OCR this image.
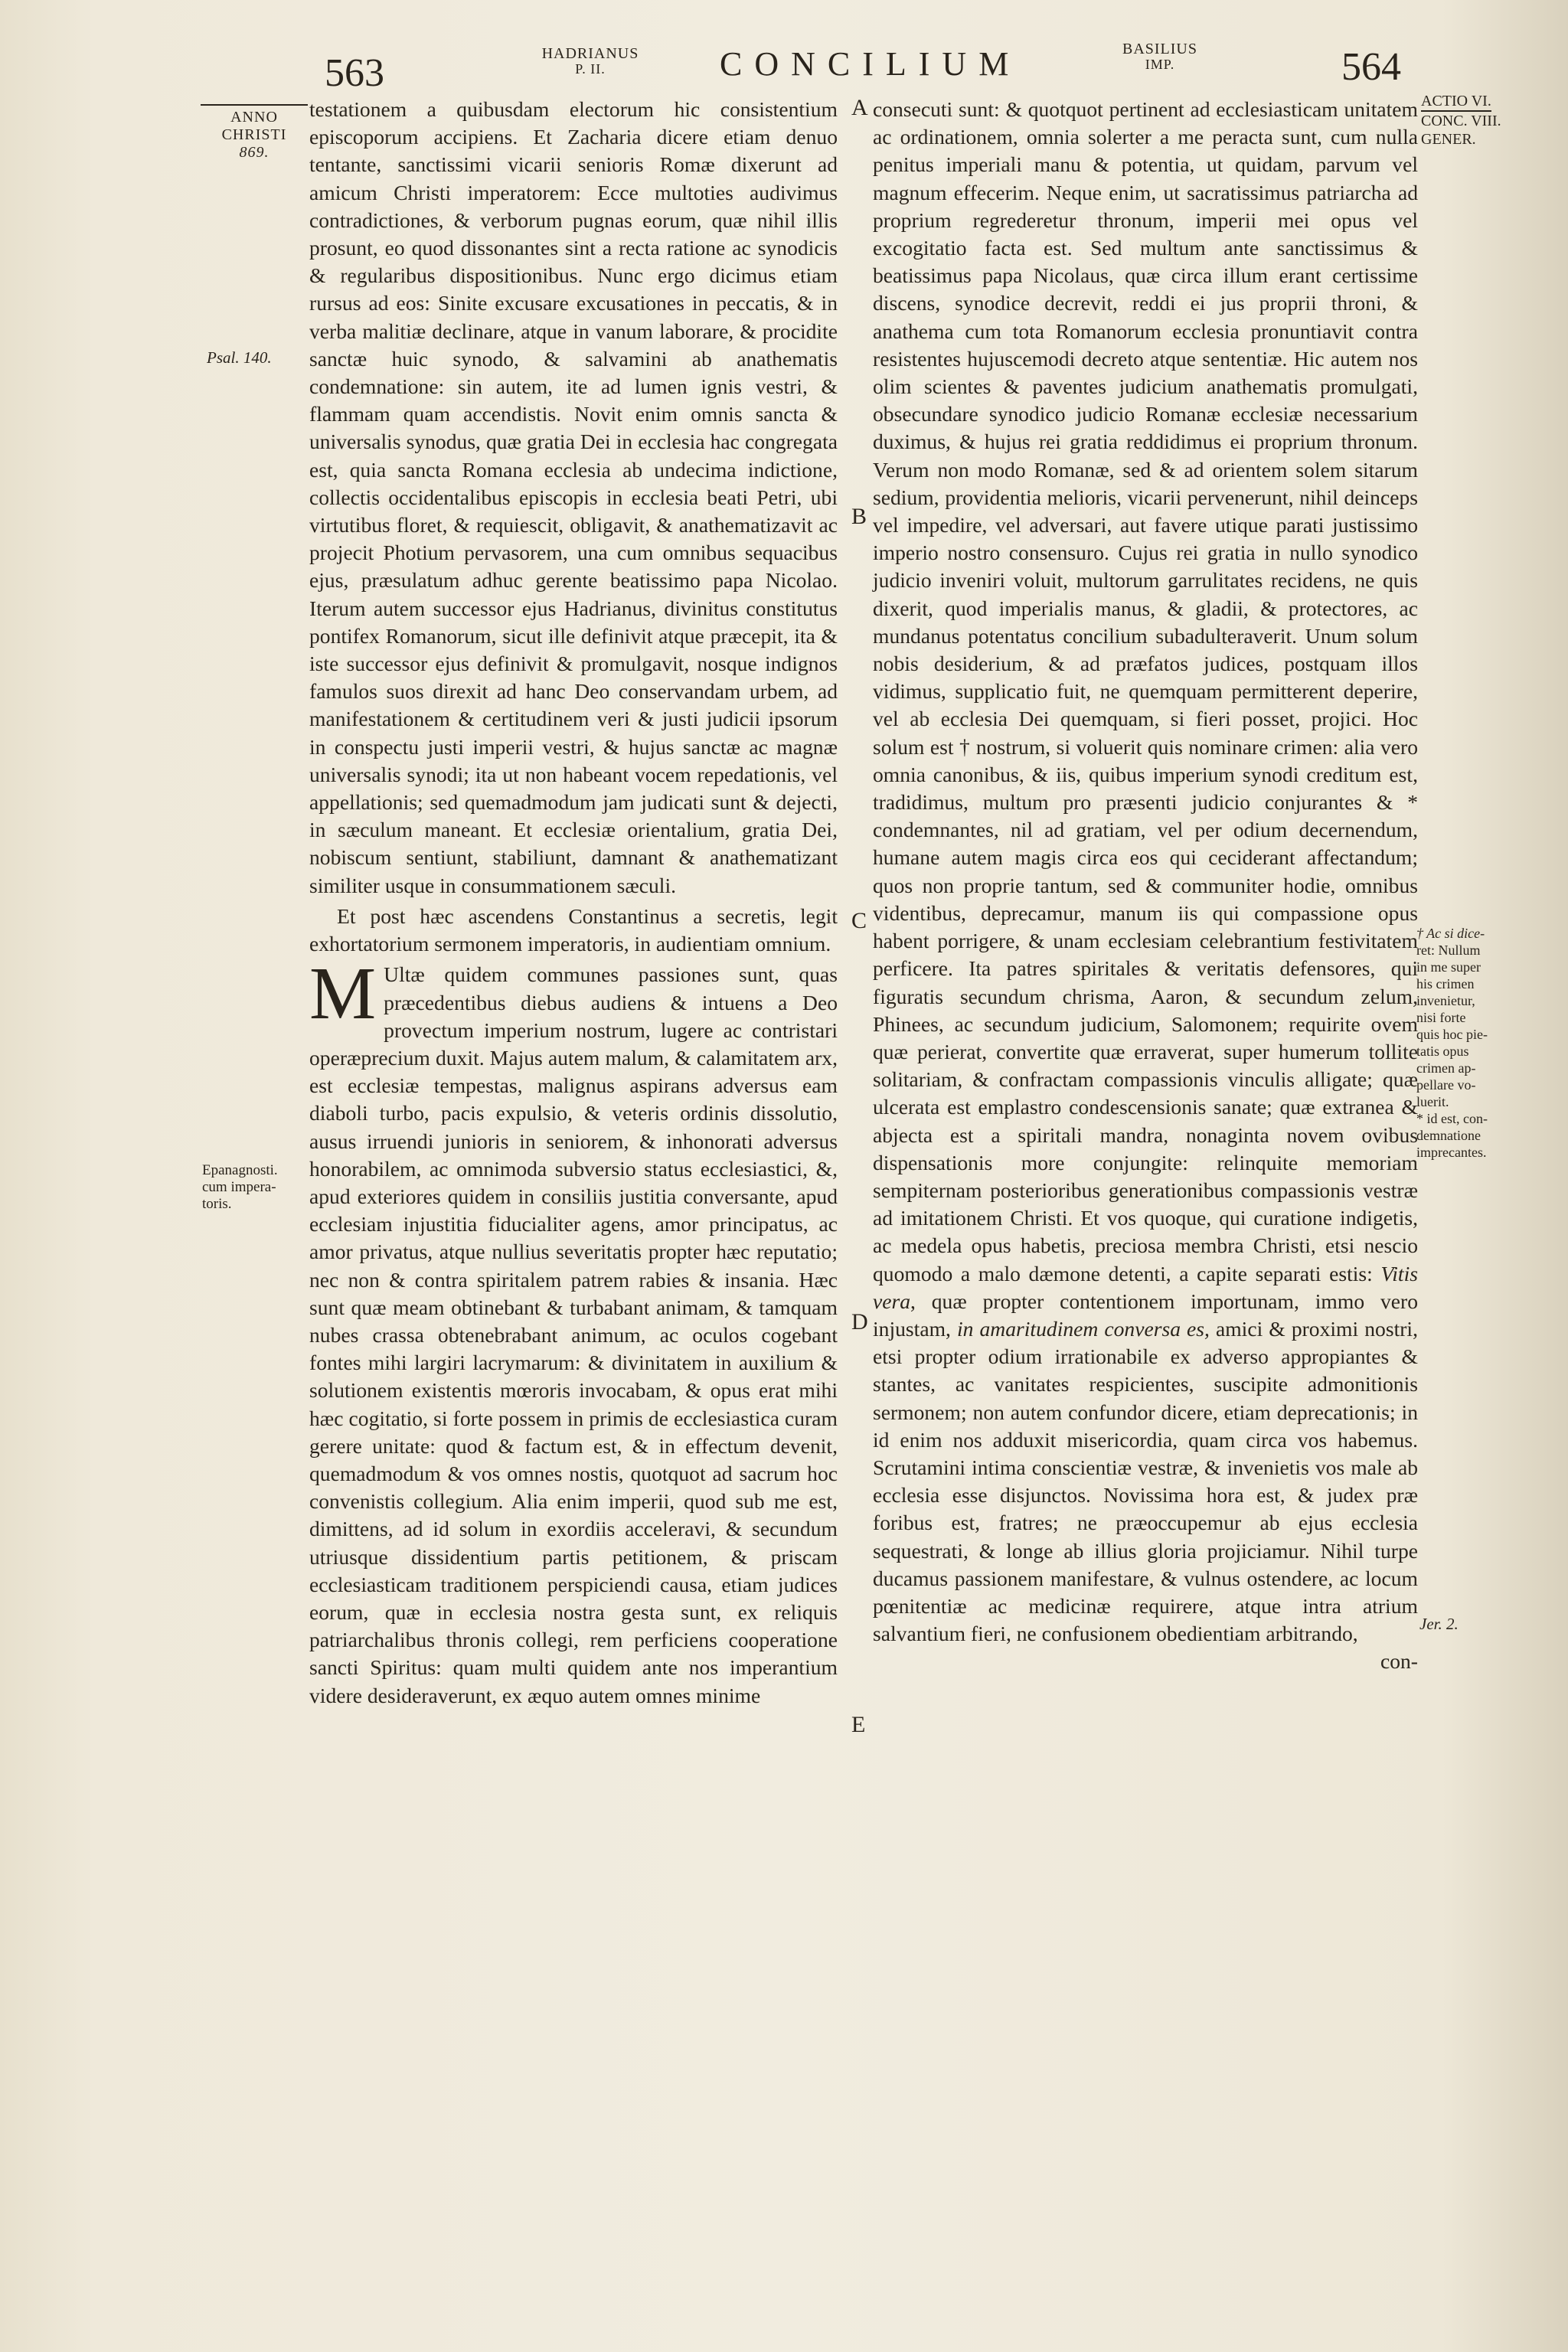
563	HADRIANUS
P. II.	CONCILIUM	BASILIUS
IMP.	564
ANNO
CHRISTI
869.
Psal. 140.
Epanagnosti.
cum impera-
toris.
ACTIO VI.
CONC. VIII.
GENER.
† Ac si dice-
ret: Nullum
in me super
his crimen
invenietur,
nisi forte
quis hoc pie-
tatis opus
crimen ap-
pellare vo-
luerit.
* id est, con-
demnatione
imprecantes.
Jer. 2.
A
B
C
D
E

testationem a quibusdam electorum hic consistentium episcoporum accipiens. Et Zacharia dicere etiam denuo tentante, sanctissimi vicarii senioris Romæ dixerunt ad amicum Christi imperatorem: Ecce multoties audivimus contradictiones, & verborum pugnas eorum, quæ nihil illis prosunt, eo quod dissonantes sint a recta ratione ac synodicis & regularibus dispositionibus. Nunc ergo dicimus etiam rursus ad eos: Sinite excusare excusationes in peccatis, & in verba malitiæ declinare, atque in vanum laborare, & procidite sanctæ huic synodo, & salvamini ab anathematis condemnatione: sin autem, ite ad lumen ignis vestri, & flammam quam accendistis. Novit enim omnis sancta & universalis synodus, quæ gratia Dei in ecclesia hac congregata est, quia sancta Romana ecclesia ab undecima indictione, collectis occidentalibus episcopis in ecclesia beati Petri, ubi virtutibus floret, & requiescit, obligavit, & anathematizavit ac projecit Photium pervasorem, una cum omnibus sequacibus ejus, præsulatum adhuc gerente beatissimo papa Nicolao. Iterum autem successor ejus Hadrianus, divinitus constitutus pontifex Romanorum, sicut ille definivit atque præcepit, ita & iste successor ejus definivit & promulgavit, nosque indignos famulos suos direxit ad hanc Deo conservandam urbem, ad manifestationem & certitudinem veri & justi judicii ipsorum in conspectu justi imperii vestri, & hujus sanctæ ac magnæ universalis synodi; ita ut non habeant vocem repedationis, vel appellationis; sed quemadmodum jam judicati sunt & dejecti, in sæculum maneant. Et ecclesiæ orientalium, gratia Dei, nobiscum sentiunt, stabiliunt, damnant & anathematizant similiter usque in consummationem sæculi.

Et post hæc ascendens Constantinus a secretis, legit exhortatorium sermonem imperatoris, in audientiam omnium.

M Ultæ quidem communes passiones sunt, quas præcedentibus diebus audiens & intuens a Deo provectum imperium nostrum, lugere ac contristari operæprecium duxit. Majus autem malum, & calamitatem arx, est ecclesiæ tempestas, malignus aspirans adversus eam diaboli turbo, pacis expulsio, & veteris ordinis dissolutio, ausus irruendi junioris in seniorem, & inhonorati adversus honorabilem, ac omnimoda subversio status ecclesiastici, &, apud exteriores quidem in consiliis justitia conversante, apud ecclesiam injustitia fiducialiter agens, amor principatus, ac amor privatus, atque nullius severitatis propter hæc reputatio; nec non & contra spiritalem patrem rabies & insania. Hæc sunt quæ meam obtinebant & turbabant animam, & tamquam nubes crassa obtenebrabant animum, ac oculos cogebant fontes mihi largiri lacrymarum: & divinitatem in auxilium & solutionem existentis mœroris invocabam, & opus erat mihi hæc cogitatio, si forte possem in primis de ecclesiastica curam gerere unitate: quod & factum est, & in effectum devenit, quemadmodum & vos omnes nostis, quotquot ad sacrum hoc convenistis collegium. Alia enim imperii, quod sub me est, dimittens, ad id solum in exordiis acceleravi, & secundum utriusque dissidentium partis petitionem, & priscam ecclesiasticam traditionem perspiciendi causa, etiam judices eorum, quæ in ecclesia nostra gesta sunt, ex reliquis patriarchalibus thronis collegi, rem perficiens cooperatione sancti Spiritus: quam multi quidem ante nos imperantium videre desideraverunt, ex æquo autem omnes minime

consecuti sunt: & quotquot pertinent ad ecclesiasticam unitatem ac ordinationem, omnia solerter a me peracta sunt, cum nulla penitus imperiali manu & potentia, ut quidam, parvum vel magnum effecerim. Neque enim, ut sacratissimus patriarcha ad proprium regrederetur thronum, imperii mei opus vel excogitatio facta est. Sed multum ante sanctissimus & beatissimus papa Nicolaus, quæ circa illum erant certissime discens, synodice decrevit, reddi ei jus proprii throni, & anathema cum tota Romanorum ecclesia pronuntiavit contra resistentes hujuscemodi decreto atque sententiæ. Hic autem nos olim scientes & paventes judicium anathematis promulgati, obsecundare synodico judicio Romanæ ecclesiæ necessarium duximus, & hujus rei gratia reddidimus ei proprium thronum. Verum non modo Romanæ, sed & ad orientem solem sitarum sedium, providentia melioris, vicarii pervenerunt, nihil deinceps vel impedire, vel adversari, aut favere utique parati justissimo imperio nostro consensuro. Cujus rei gratia in nullo synodico judicio inveniri voluit, multorum garrulitates recidens, ne quis dixerit, quod imperialis manus, & gladii, & protectores, ac mundanus potentatus concilium subadulteraverit. Unum solum nobis desiderium, & ad præfatos judices, postquam illos vidimus, supplicatio fuit, ne quemquam permitterent deperire, vel ab ecclesia Dei quemquam, si fieri posset, projici. Hoc solum est † nostrum, si voluerit quis nominare crimen: alia vero omnia canonibus, & iis, quibus imperium synodi creditum est, tradidimus, multum pro præsenti judicio conjurantes & * condemnantes, nil ad gratiam, vel per odium decernendum, humane autem magis circa eos qui ceciderant affectandum; quos non proprie tantum, sed & communiter hodie, omnibus videntibus, deprecamur, manum iis qui compassione opus habent porrigere, & unam ecclesiam celebrantium festivitatem perficere. Ita patres spiritales & veritatis defensores, qui figuratis secundum chrisma, Aaron, & secundum zelum, Phinees, ac secundum judicium, Salomonem; requirite ovem quæ perierat, convertite quæ erraverat, super humerum tollite solitariam, & confractam compassionis vinculis alligate; quæ ulcerata est emplastro condescensionis sanate; quæ extranea & abjecta est a spiritali mandra, nonaginta novem ovibus dispensationis more conjungite: relinquite memoriam sempiternam posterioribus generationibus compassionis vestræ ad imitationem Christi. Et vos quoque, qui curatione indigetis, ac medela opus habetis, preciosa membra Christi, etsi nescio quomodo a malo dæmone detenti, a capite separati estis: Vitis vera, quæ propter contentionem importunam, immo vero injustam, in amaritudinem conversa es, amici & proximi nostri, etsi propter odium irrationabile ex adverso appropiantes & stantes, ac vanitates respicientes, suscipite admonitionis sermonem; non autem confundor dicere, etiam deprecationis; in id enim nos adduxit misericordia, quam circa vos habemus. Scrutamini intima conscientiæ vestræ, & invenietis vos male ab ecclesia esse disjunctos. Novissima hora est, & judex præ foribus est, fratres; ne præoccupemur ab ejus ecclesia sequestrati, & longe ab illius gloria projiciamur. Nihil turpe ducamus passionem manifestare, & vulnus ostendere, ac locum pœnitentiæ ac medicinæ requirere, atque intra atrium salvantium fieri, ne confusionem obedientiam arbitrando,

con-
